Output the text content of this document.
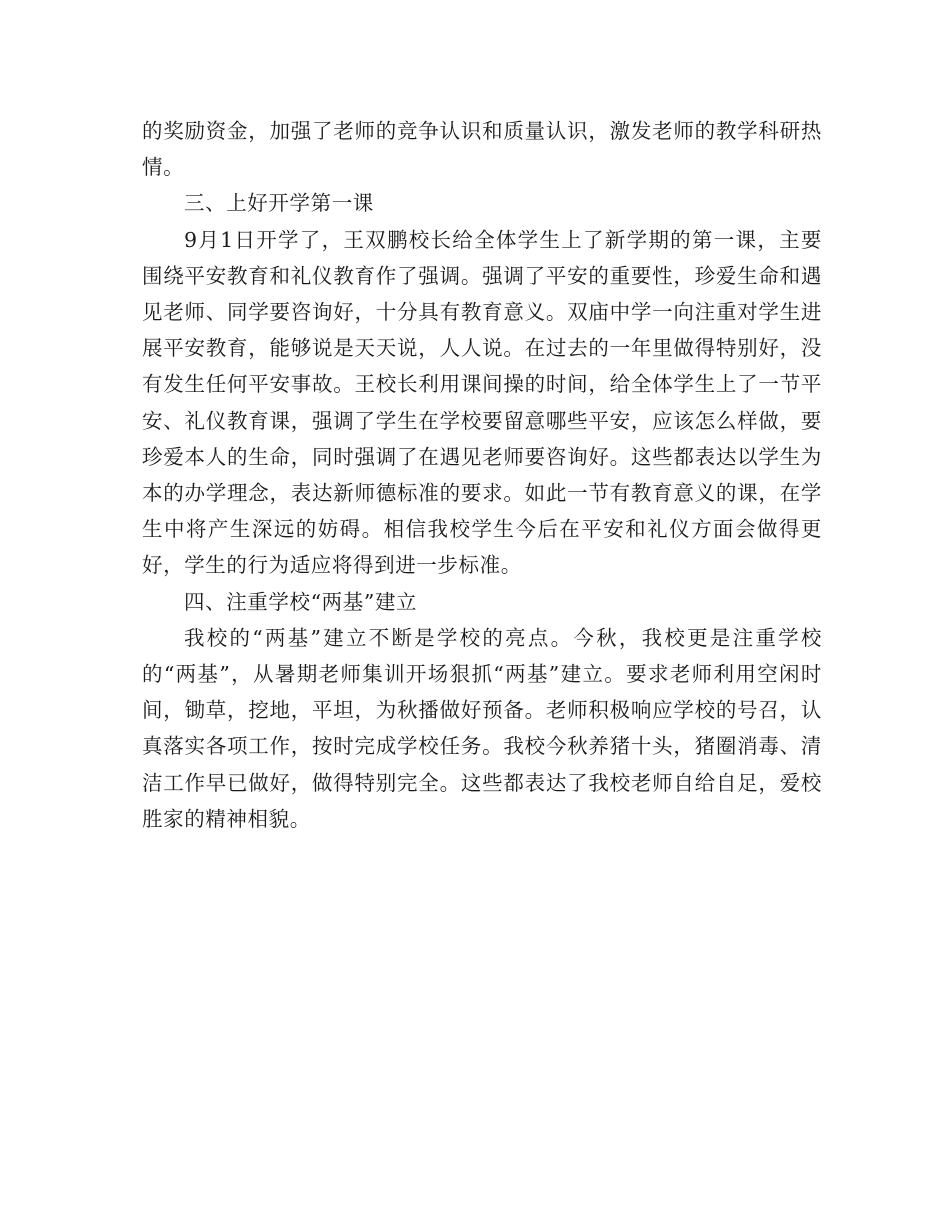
的奖励资金，加强了老师的竞争认识和质量认识，激发老师的教学科研热情。

三、上好开学第一课

9月1日开学了，王双鹏校长给全体学生上了新学期的第一课，主要围绕平安教育和礼仪教育作了强调。强调了平安的重要性，珍爱生命和遇见老师、同学要咨询好，十分具有教育意义。双庙中学一向注重对学生进展平安教育，能够说是天天说，人人说。在过去的一年里做得特别好，没有发生任何平安事故。王校长利用课间操的时间，给全体学生上了一节平安、礼仪教育课，强调了学生在学校要留意哪些平安，应该怎么样做，要珍爱本人的生命，同时强调了在遇见老师要咨询好。这些都表达以学生为本的办学理念，表达新师德标准的要求。如此一节有教育意义的课，在学生中将产生深远的妨碍。相信我校学生今后在平安和礼仪方面会做得更好，学生的行为适应将得到进一步标准。

四、注重学校“两基”建立

我校的“两基”建立不断是学校的亮点。今秋，我校更是注重学校的“两基”，从暑期老师集训开场狠抓“两基”建立。要求老师利用空闲时间，锄草，挖地，平坦，为秋播做好预备。老师积极响应学校的号召，认真落实各项工作，按时完成学校任务。我校今秋养猪十头，猪圈消毒、清洁工作早已做好，做得特别完全。这些都表达了我校老师自给自足，爱校胜家的精神相貌。
